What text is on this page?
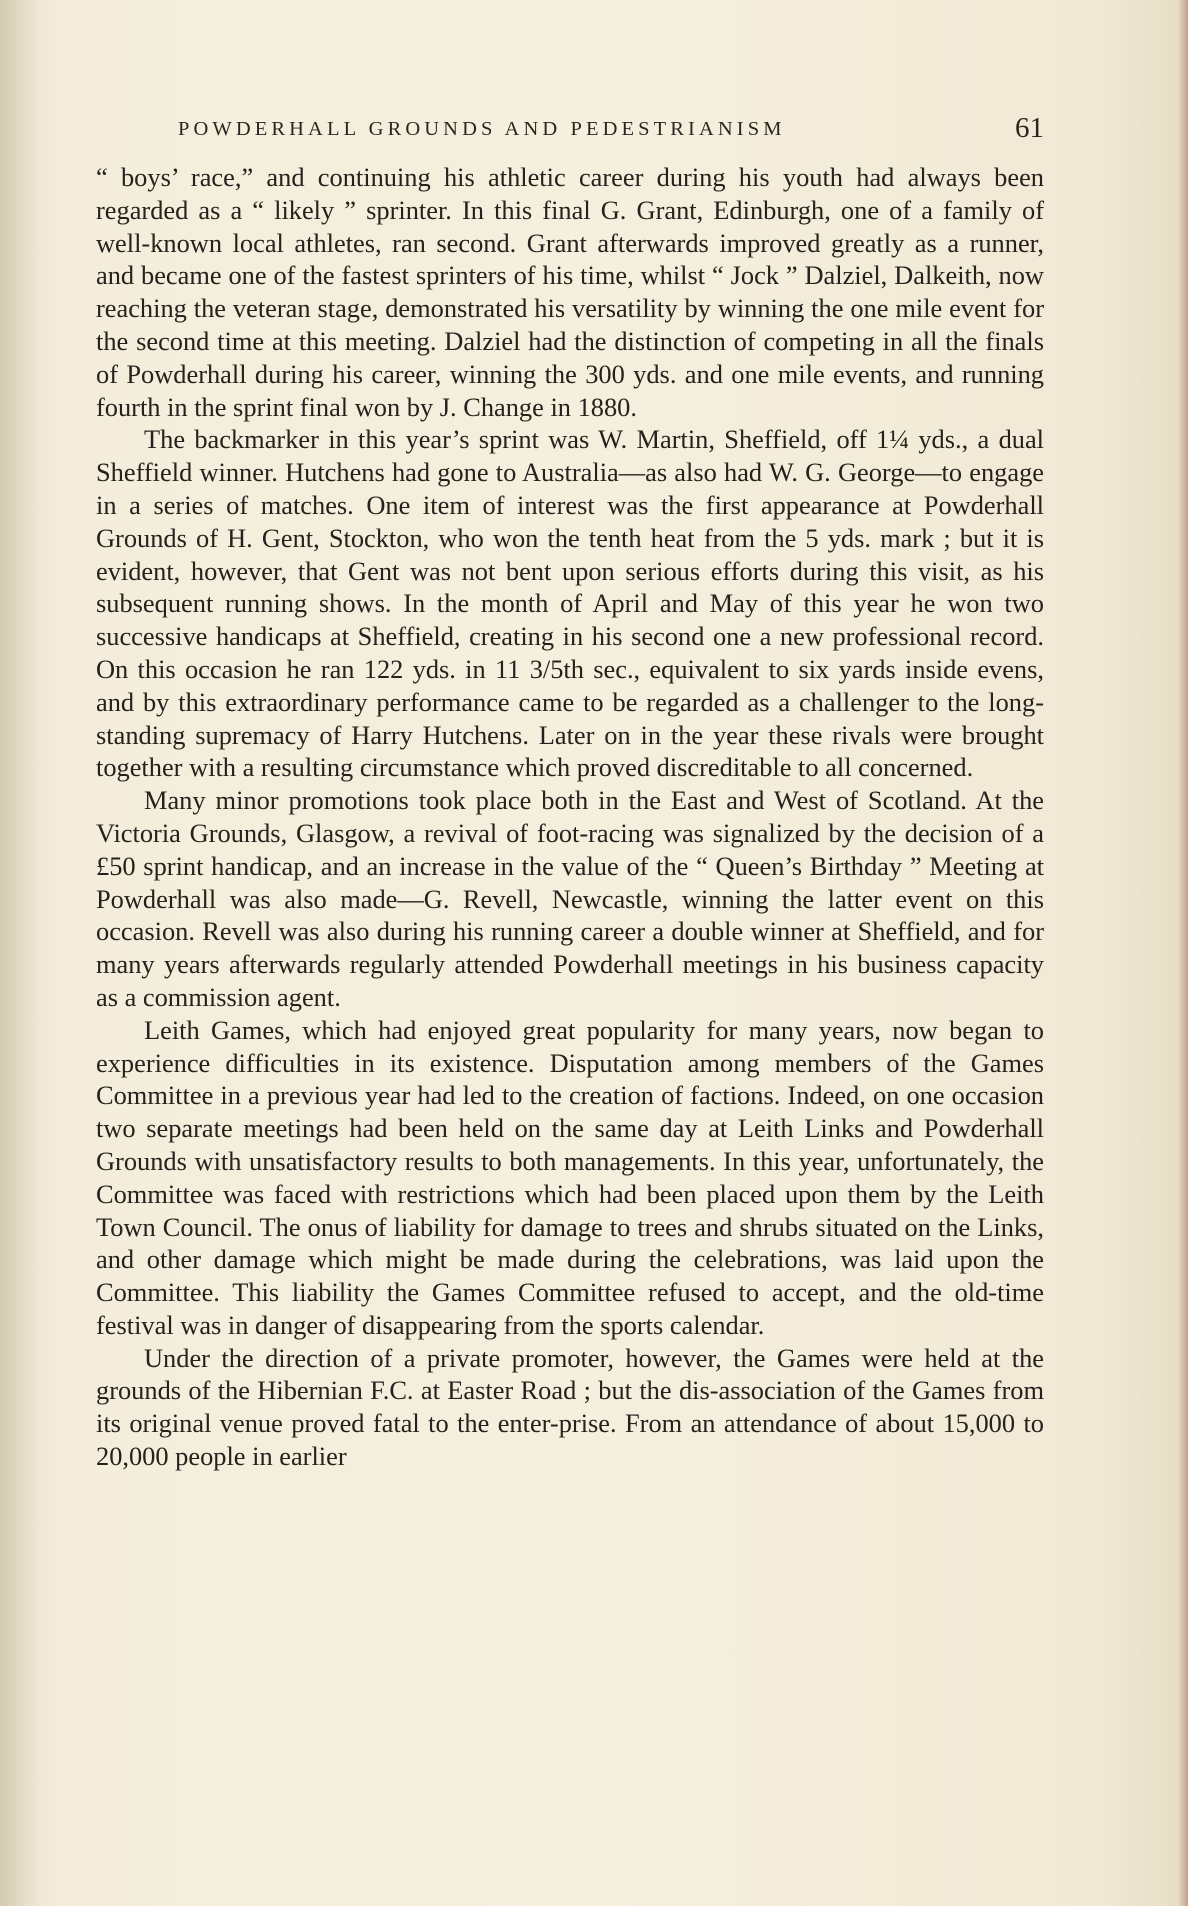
POWDERHALL GROUNDS AND PEDESTRIANISM	61

“ boys’ race,” and continuing his athletic career during his youth had always been regarded as a “ likely ” sprinter. In this final G. Grant, Edinburgh, one of a family of well-known local athletes, ran second. Grant afterwards improved greatly as a runner, and became one of the fastest sprinters of his time, whilst “ Jock ” Dalziel, Dalkeith, now reaching the veteran stage, demonstrated his versatility by winning the one mile event for the second time at this meeting. Dalziel had the distinction of competing in all the finals of Powderhall during his career, winning the 300 yds. and one mile events, and running fourth in the sprint final won by J. Change in 1880.

The backmarker in this year’s sprint was W. Martin, Sheffield, off 1¼ yds., a dual Sheffield winner. Hutchens had gone to Australia—as also had W. G. George—to engage in a series of matches. One item of interest was the first appearance at Powderhall Grounds of H. Gent, Stockton, who won the tenth heat from the 5 yds. mark ; but it is evident, however, that Gent was not bent upon serious efforts during this visit, as his subsequent running shows. In the month of April and May of this year he won two successive handicaps at Sheffield, creating in his second one a new professional record. On this occasion he ran 122 yds. in 11 3/5th sec., equivalent to six yards inside evens, and by this extraordinary performance came to be regarded as a challenger to the long-standing supremacy of Harry Hutchens. Later on in the year these rivals were brought together with a resulting circumstance which proved discreditable to all concerned.

Many minor promotions took place both in the East and West of Scotland. At the Victoria Grounds, Glasgow, a revival of foot-racing was signalized by the decision of a £50 sprint handicap, and an increase in the value of the “ Queen’s Birthday ” Meeting at Powderhall was also made—G. Revell, Newcastle, winning the latter event on this occasion. Revell was also during his running career a double winner at Sheffield, and for many years afterwards regularly attended Powderhall meetings in his business capacity as a commission agent.

Leith Games, which had enjoyed great popularity for many years, now began to experience difficulties in its existence. Disputation among members of the Games Committee in a previous year had led to the creation of factions. Indeed, on one occasion two separate meetings had been held on the same day at Leith Links and Powderhall Grounds with unsatisfactory results to both managements. In this year, unfortunately, the Committee was faced with restrictions which had been placed upon them by the Leith Town Council. The onus of liability for damage to trees and shrubs situated on the Links, and other damage which might be made during the celebrations, was laid upon the Committee. This liability the Games Committee refused to accept, and the old-time festival was in danger of disappearing from the sports calendar.

Under the direction of a private promoter, however, the Games were held at the grounds of the Hibernian F.C. at Easter Road ; but the dis-association of the Games from its original venue proved fatal to the enter-prise. From an attendance of about 15,000 to 20,000 people in earlier
